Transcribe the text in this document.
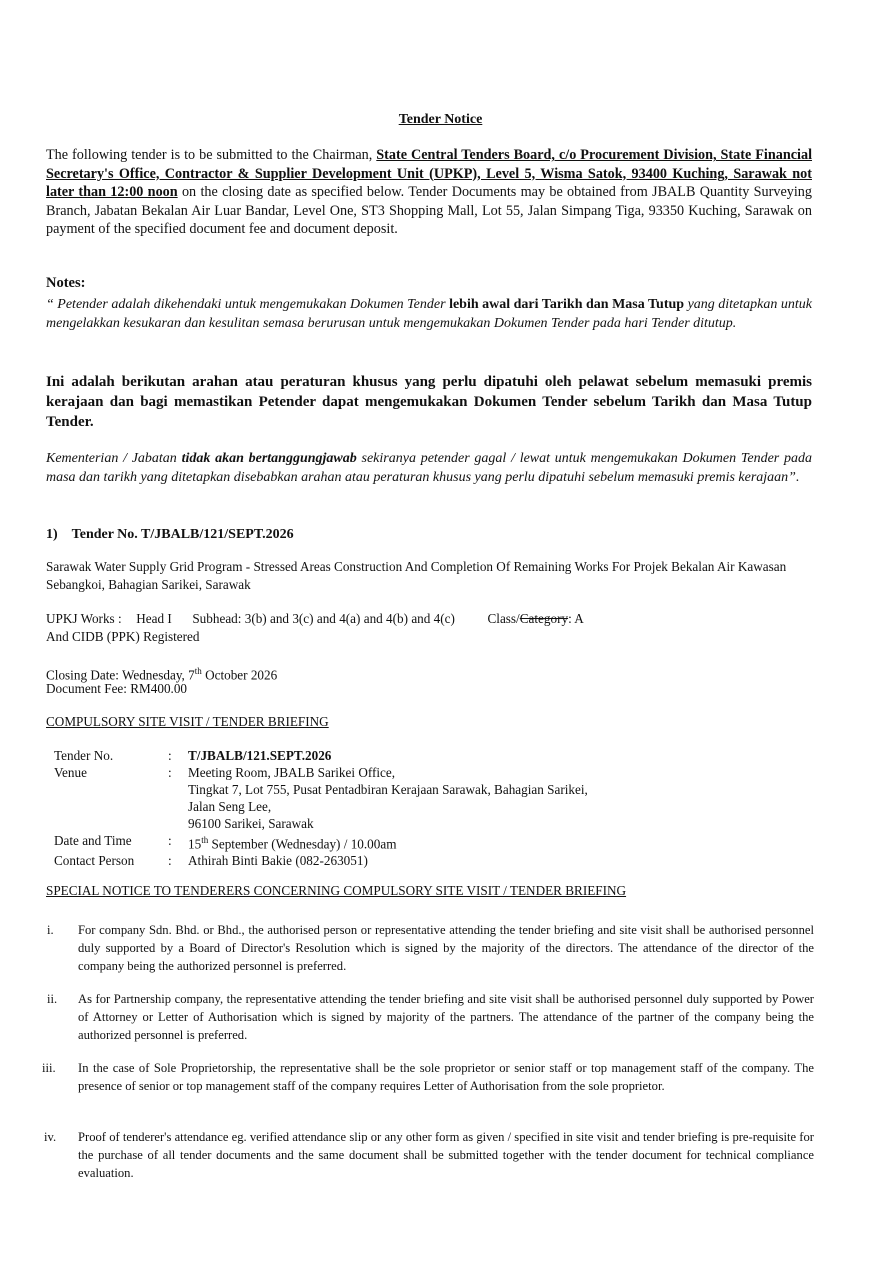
Tender Notice
The following tender is to be submitted to the Chairman, State Central Tenders Board, c/o Procurement Division, State Financial Secretary's Office, Contractor & Supplier Development Unit (UPKP), Level 5, Wisma Satok, 93400 Kuching, Sarawak not later than 12:00 noon on the closing date as specified below. Tender Documents may be obtained from JBALB Quantity Surveying Branch, Jabatan Bekalan Air Luar Bandar, Level One, ST3 Shopping Mall, Lot 55, Jalan Simpang Tiga, 93350 Kuching, Sarawak on payment of the specified document fee and document deposit.
Notes:
“ Petender adalah dikehendaki untuk mengemukakan Dokumen Tender lebih awal dari Tarikh dan Masa Tutup yang ditetapkan untuk mengelakkan kesukaran dan kesulitan semasa berurusan untuk mengemukakan Dokumen Tender pada hari Tender ditutup.
Ini adalah berikutan arahan atau peraturan khusus yang perlu dipatuhi oleh pelawat sebelum memasuki premis kerajaan dan bagi memastikan Petender dapat mengemukakan Dokumen Tender sebelum Tarikh dan Masa Tutup Tender.
Kementerian / Jabatan tidak akan bertanggungjawab sekiranya petender gagal / lewat untuk mengemukakan Dokumen Tender pada masa dan tarikh yang ditetapkan disebabkan arahan atau peraturan khusus yang perlu dipatuhi sebelum memasuki premis kerajaan”.
1) Tender No. T/JBALB/121/SEPT.2026
Sarawak Water Supply Grid Program - Stressed Areas Construction And Completion Of Remaining Works For Projek Bekalan Air Kawasan Sebangkoi, Bahagian Sarikei, Sarawak
UPKJ Works : Head I Subhead: 3(b) and 3(c) and 4(a) and 4(b) and 4(c) Class/Category: A
And CIDB (PPK) Registered
Closing Date: Wednesday, 7th October 2026
Document Fee: RM400.00
COMPULSORY SITE VISIT / TENDER BRIEFING
Tender No.	:	T/JBALB/121.SEPT.2026
Venue	:	Meeting Room, JBALB Sarikei Office,
Tingkat 7, Lot 755, Pusat Pentadbiran Kerajaan Sarawak, Bahagian Sarikei,
Jalan Seng Lee,
96100 Sarikei, Sarawak

Date and Time	:	15th September (Wednesday) / 10.00am
Contact Person	:	Athirah Binti Bakie (082-263051)
SPECIAL NOTICE TO TENDERERS CONCERNING COMPULSORY SITE VISIT / TENDER BRIEFING
i. For company Sdn. Bhd. or Bhd., the authorised person or representative attending the tender briefing and site visit shall be authorised personnel duly supported by a Board of Director's Resolution which is signed by the majority of the directors. The attendance of the director of the company being the authorized personnel is preferred.
ii. As for Partnership company, the representative attending the tender briefing and site visit shall be authorised personnel duly supported by Power of Attorney or Letter of Authorisation which is signed by majority of the partners. The attendance of the partner of the company being the authorized personnel is preferred.
iii. In the case of Sole Proprietorship, the representative shall be the sole proprietor or senior staff or top management staff of the company. The presence of senior or top management staff of the company requires Letter of Authorisation from the sole proprietor.
iv. Proof of tenderer's attendance eg. verified attendance slip or any other form as given / specified in site visit and tender briefing is pre-requisite for the purchase of all tender documents and the same document shall be submitted together with the tender document for technical compliance evaluation.
